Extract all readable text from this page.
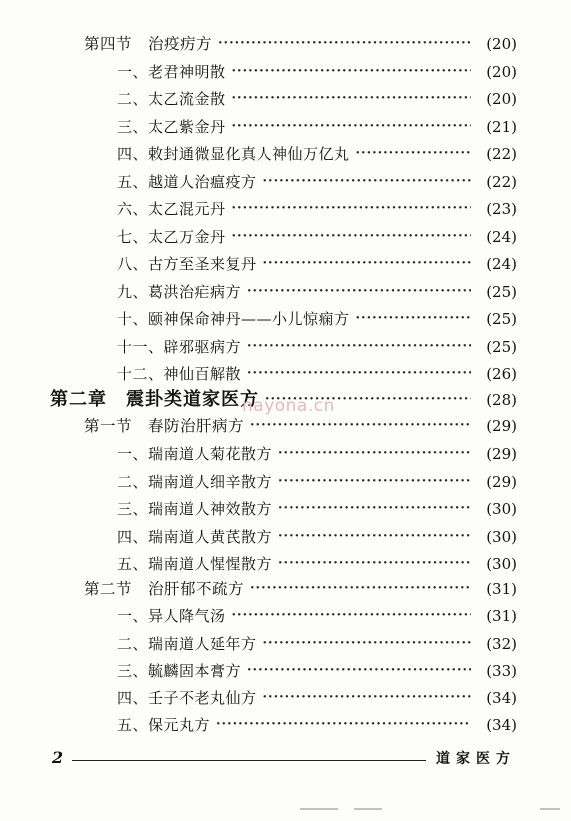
第四节　治疫疠方 ·····	(20)
一、老君神明散 ·····	(20)
二、太乙流金散 ·····	(20)
三、太乙紫金丹 ·····	(21)
四、敕封通微显化真人神仙万亿丸 ·····	(22)
五、越道人治瘟疫方 ·····	(22)
六、太乙混元丹 ·····	(23)
七、太乙万金丹 ·····	(24)
八、古方至圣来复丹 ·····	(24)
九、葛洪治疟病方 ·····	(25)
十、颐神保命神丹——小儿惊痫方 ·····	(25)
十一、辟邪驱病方 ·····	(25)
十二、神仙百解散 ·····	(26)
第二章　震卦类道家医方 ·····	(28)
第一节　春防治肝病方 ·····	(29)
一、瑞南道人菊花散方 ·····	(29)
二、瑞南道人细辛散方 ·····	(29)
三、瑞南道人神效散方 ·····	(30)
四、瑞南道人黄芪散方 ·····	(30)
五、瑞南道人惺惺散方 ·····	(30)
第二节　治肝郁不疏方 ·····	(31)
一、异人降气汤 ·····	(31)
二、瑞南道人延年方 ·····	(32)
三、毓麟固本膏方 ·····	(33)
四、壬子不老丸仙方 ·····	(34)
五、保元丸方 ·····	(34)
nayona.cn
2	道家医方
